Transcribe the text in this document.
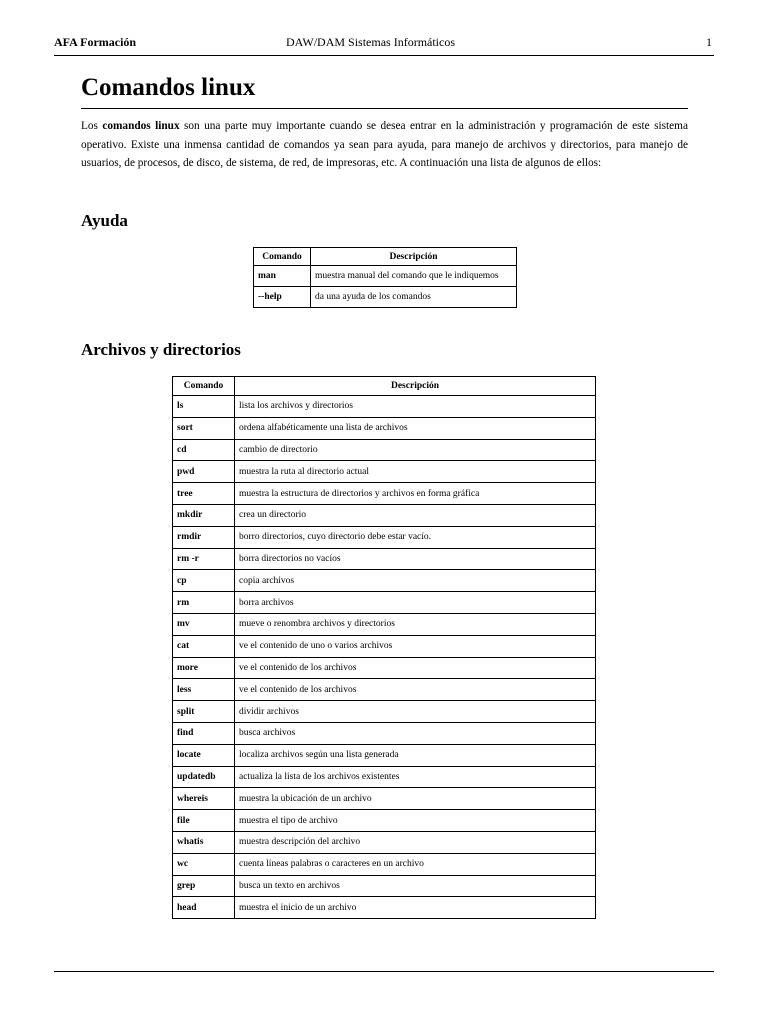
AFA Formación	DAW/DAM Sistemas Informáticos	1
Comandos linux

Los comandos linux son una parte muy importante cuando se desea entrar en la administración y programación de este sistema operativo. Existe una inmensa cantidad de comandos ya sean para ayuda, para manejo de archivos y directorios, para manejo de usuarios, de procesos, de disco, de sistema, de red, de impresoras, etc. A continuación una lista de algunos de ellos:

Ayuda
Comando	Descripción
man	muestra manual del comando que le indiquemos
--help	da una ayuda de los comandos
Archivos y directorios
Comando	Descripción
ls	lista los archivos y directorios
sort	ordena alfabéticamente una lista de archivos
cd	cambio de directorio
pwd	muestra la ruta al directorio actual
tree	muestra la estructura de directorios y archivos en forma gráfica
mkdir	crea un directorio
rmdir	borro directorios, cuyo directorio debe estar vacío.
rm -r	borra directorios no vacíos
cp	copia archivos
rm	borra archivos
mv	mueve o renombra archivos y directorios
cat	ve el contenido de uno o varios archivos
more	ve el contenido de los archivos
less	ve el contenido de los archivos
split	dividir archivos
find	busca archivos
locate	localiza archivos según una lista generada
updatedb	actualiza la lista de los archivos existentes
whereis	muestra la ubicación de un archivo
file	muestra el tipo de archivo
whatis	muestra descripción del archivo
wc	cuenta líneas palabras o caracteres en un archivo
grep	busca un texto en archivos
head	muestra el inicio de un archivo
